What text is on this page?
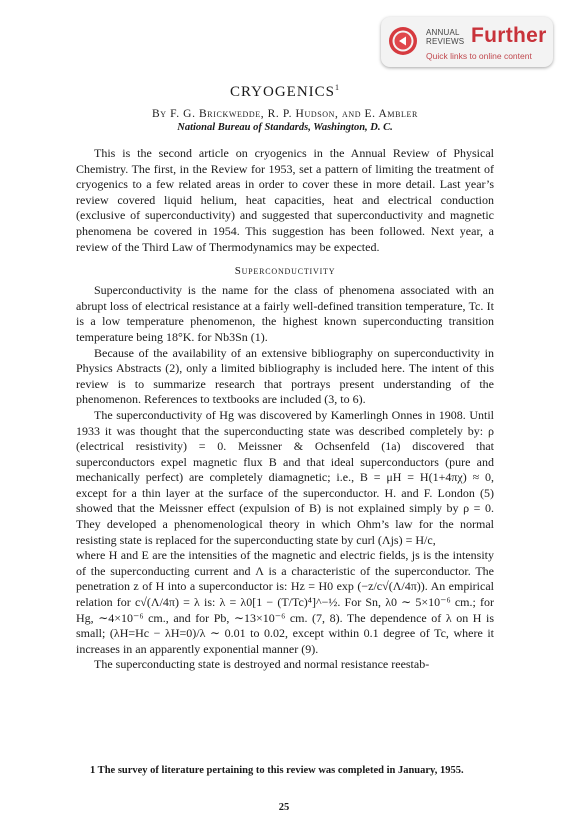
ANNUAL
REVIEWS Further
Quick links to online content
CRYOGENICS$^1$
By F. G. Brickwedde, R. P. Hudson, and E. Ambler
National Bureau of Standards, Washington, D. C.

This is the second article on cryogenics in the Annual Review of Physical Chemistry. The first, in the Review for 1953, set a pattern of limiting the treatment of cryogenics to a few related areas in order to cover these in more detail. Last year’s review covered liquid helium, heat capacities, heat and electrical conduction (exclusive of superconductivity) and suggested that superconductivity and magnetic phenomena be covered in 1954. This suggestion has been followed. Next year, a review of the Third Law of Thermodynamics may be expected.

Superconductivity

Superconductivity is the name for the class of phenomena associated with an abrupt loss of electrical resistance at a fairly well-defined transition temperature, Tc. It is a low temperature phenomenon, the highest known superconducting transition temperature being 18°K. for Nb3Sn (1).

Because of the availability of an extensive bibliography on superconductivity in Physics Abstracts (2), only a limited bibliography is included here. The intent of this review is to summarize research that portrays present understanding of the phenomenon. References to textbooks are included (3, to 6).

The superconductivity of Hg was discovered by Kamerlingh Onnes in 1908. Until 1933 it was thought that the superconducting state was described completely by: ρ (electrical resistivity) = 0. Meissner & Ochsenfeld (1a) discovered that superconductors expel magnetic flux B and that ideal superconductors (pure and mechanically perfect) are completely diamagnetic; i.e., B = μH = H(1+4πχ) ≈ 0, except for a thin layer at the surface of the superconductor. H. and F. London (5) showed that the Meissner effect (expulsion of B) is not explained simply by ρ = 0. They developed a phenomenological theory in which Ohm’s law for the normal resisting state is replaced for the superconducting state by curl (Λjs) = H/c,

where H and E are the intensities of the magnetic and electric fields, js is the intensity of the superconducting current and Λ is a characteristic of the superconductor. The penetration z of H into a superconductor is: Hz = H0 exp (−z/c√(Λ/4π)). An empirical relation for c√(Λ/4π) = λ is: λ = λ0[1 − (T/Tc)⁴]^−½. For Sn, λ0 ∼ 5×10⁻⁶ cm.; for Hg, ∼4×10⁻⁶ cm., and for Pb, ∼13×10⁻⁶ cm. (7, 8). The dependence of λ on H is small; (λH=Hc − λH=0)/λ ∼ 0.01 to 0.02, except within 0.1 degree of Tc, where it increases in an apparently exponential manner (9).

The superconducting state is destroyed and normal resistance reestab-

1 The survey of literature pertaining to this review was completed in January, 1955.
25
